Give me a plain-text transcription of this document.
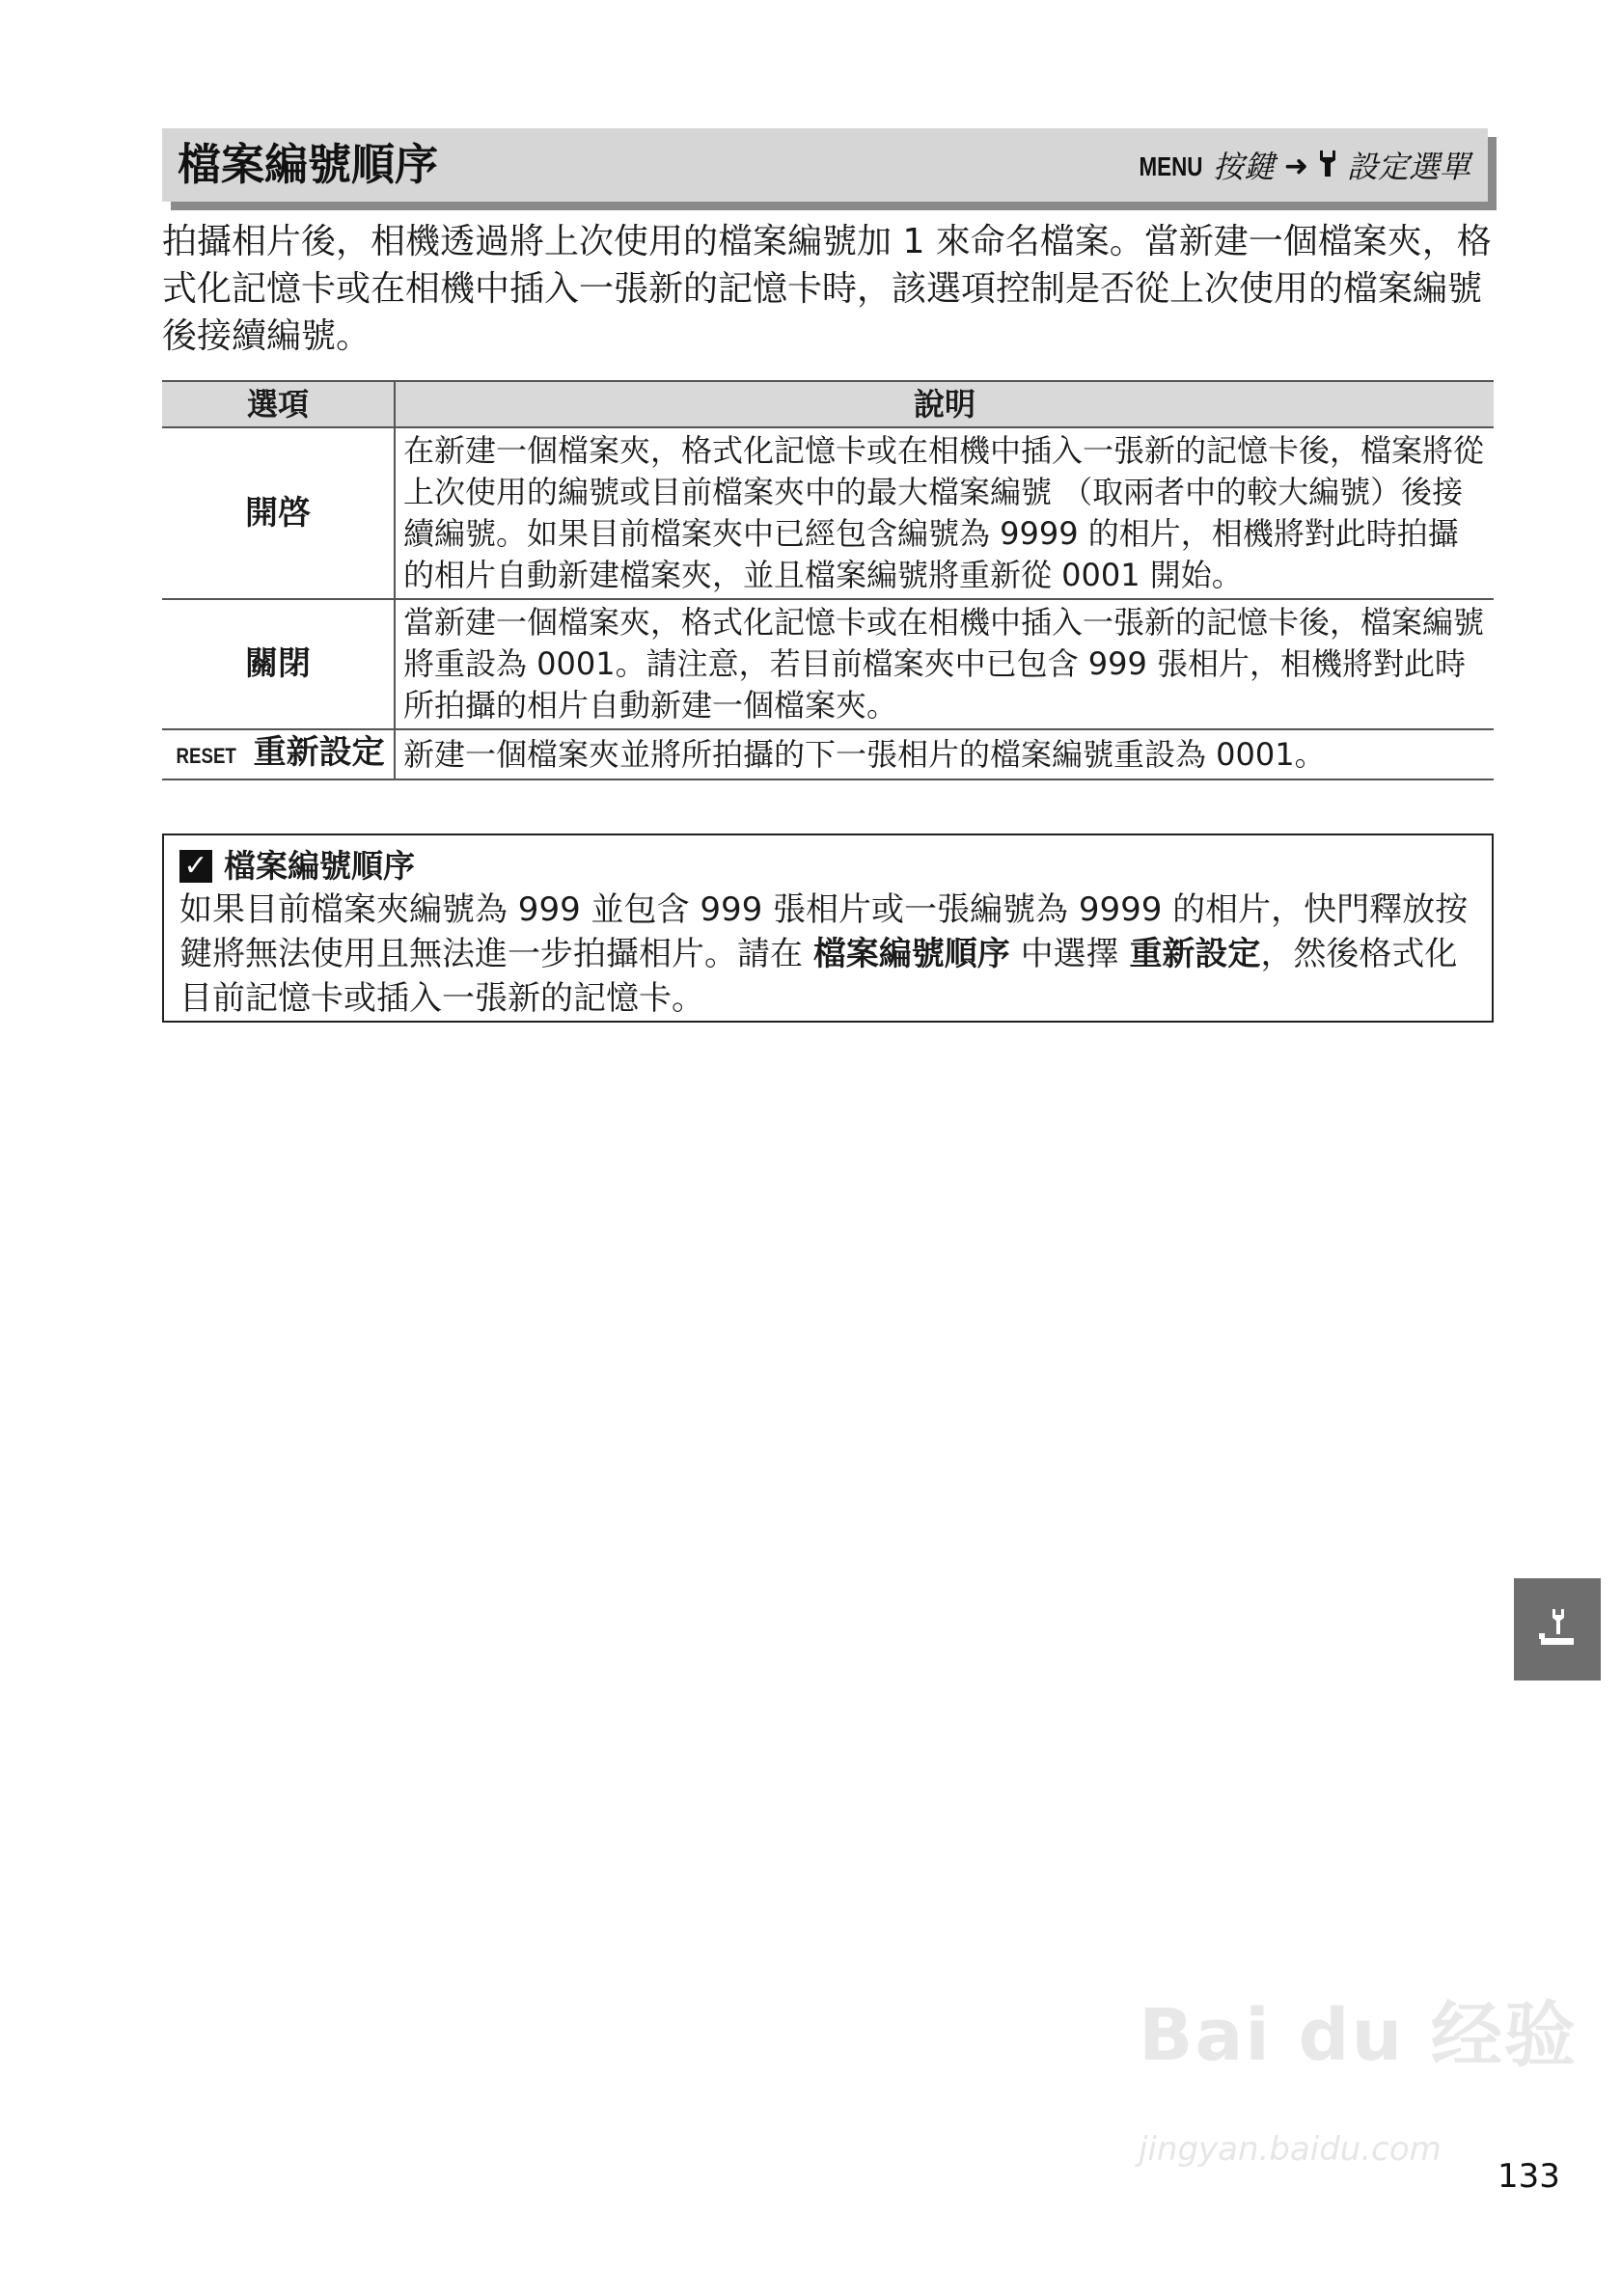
檔案編號順序	MENU 按鍵 ➜ 設定選單
拍攝相片後，相機透過將上次使用的檔案編號加 1 來命名檔案。當新建一個檔案夾，格式化記憶卡或在相機中插入一張新的記憶卡時，該選項控制是否從上次使用的檔案編號後接續編號。
選項	說明
開啓	在新建一個檔案夾，格式化記憶卡或在相機中插入一張新的記憶卡後，檔案將從上次使用的編號或目前檔案夾中的最大檔案編號 （取兩者中的較大編號）後接續編號。如果目前檔案夾中已經包含編號為 9999 的相片，相機將對此時拍攝的相片自動新建檔案夾，並且檔案編號將重新從 0001 開始。
關閉	當新建一個檔案夾，格式化記憶卡或在相機中插入一張新的記憶卡後，檔案編號將重設為 0001。請注意，若目前檔案夾中已包含 999 張相片，相機將對此時所拍攝的相片自動新建一個檔案夾。
RESET 重新設定	新建一個檔案夾並將所拍攝的下一張相片的檔案編號重設為 0001。
✓ 檔案編號順序
如果目前檔案夾編號為 999 並包含 999 張相片或一張編號為 9999 的相片，快門釋放按鍵將無法使用且無法進一步拍攝相片。請在 檔案編號順序 中選擇 重新設定，然後格式化目前記憶卡或插入一張新的記憶卡。
Bai du 经验
jingyan.baidu.com
133
